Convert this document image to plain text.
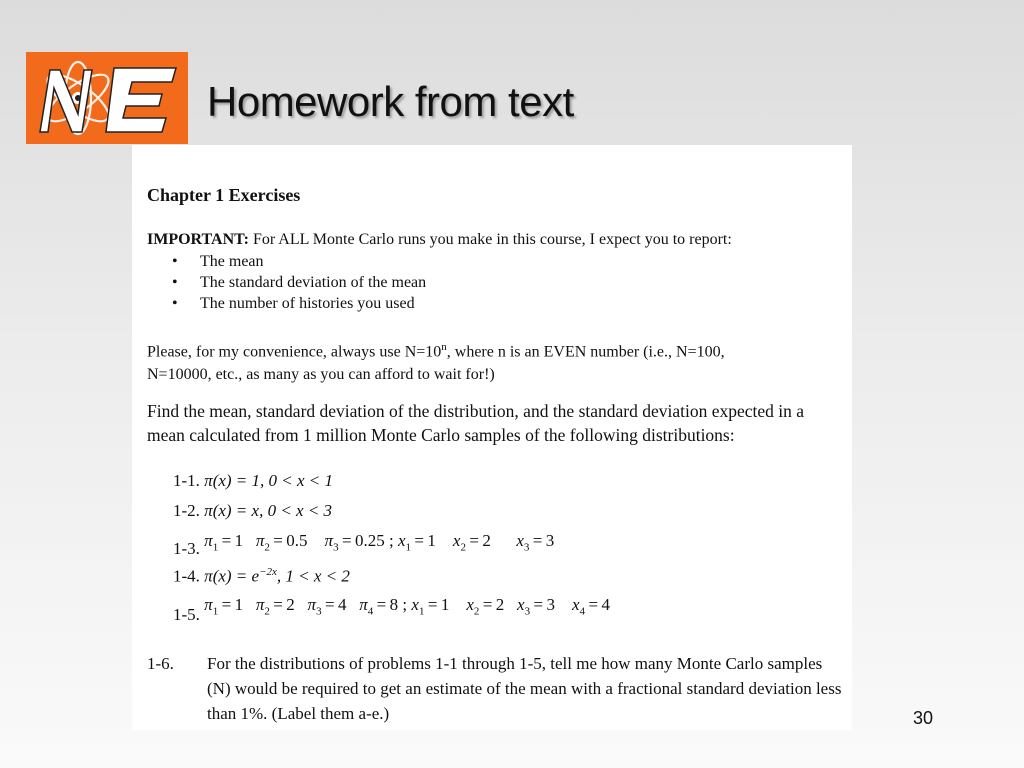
Homework from text
Chapter 1 Exercises
IMPORTANT: For ALL Monte Carlo runs you make in this course, I expect you to report:
• The mean
• The standard deviation of the mean
• The number of histories you used
Please, for my convenience, always use $N=10^n$, where n is an EVEN number (i.e., N=100,
N=10000, etc., as many as you can afford to wait for!)
Find the mean, standard deviation of the distribution, and the standard deviation expected in a mean calculated from 1 million Monte Carlo samples of the following distributions:
1-1. π(x) = 1, 0 < x < 1
1-2. π(x) = x, 0 < x < 3
1-3. $\pi_1 = 1$   $\pi_2 = 0.5$    $\pi_3 = 0.25$ ; $x_1 = 1$    $x_2 = 2$      $x_3 = 3$
1-4. $\pi(x) = e^{-2x}$, 1 < x < 2
1-5. $\pi_1 = 1$   $\pi_2 = 2$   $\pi_3 = 4$   $\pi_4 = 8$ ; $x_1 = 1$    $x_2 = 2$   $x_3 = 3$    $x_4 = 4$
1-6. For the distributions of problems 1-1 through 1-5, tell me how many Monte Carlo samples (N) would be required to get an estimate of the mean with a fractional standard deviation less than 1%. (Label them a-e.)	30
